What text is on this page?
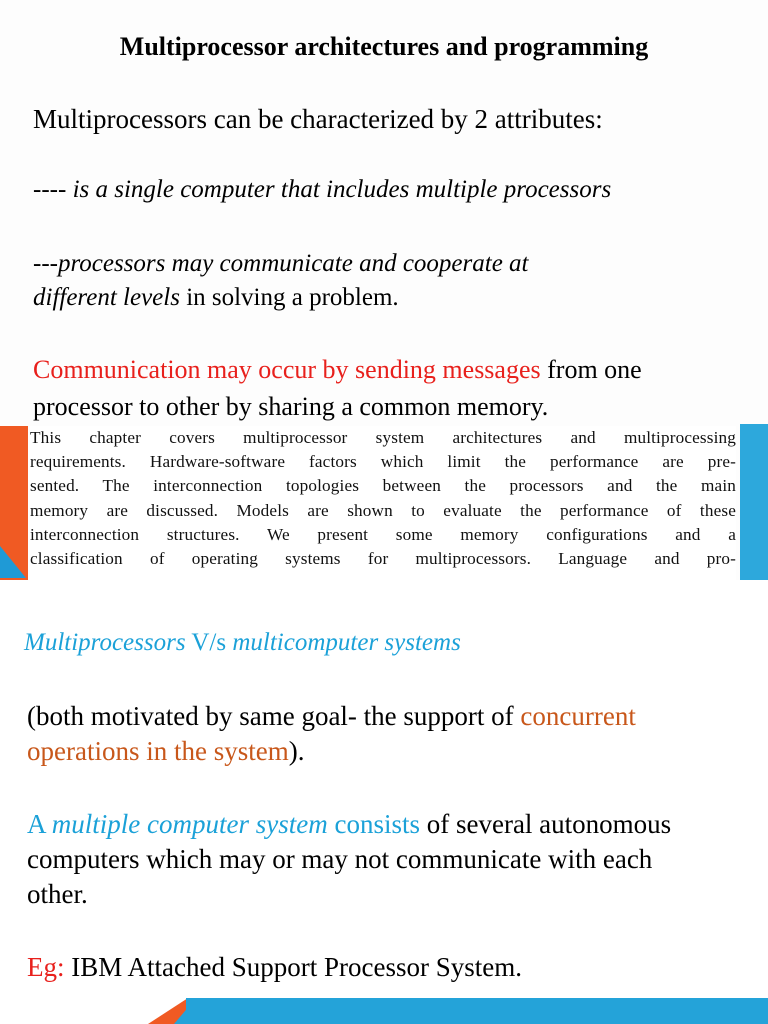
Multiprocessor architectures and programming
Multiprocessors can be characterized by 2 attributes:
---- is a single computer that includes multiple processors
---processors may communicate and cooperate at
different levels in solving a problem.
Communication may occur by sending messages from one
processor to other by sharing a common memory.
This chapter covers multiprocessor system architectures and multiprocessing
requirements. Hardware-software factors which limit the performance are pre-
sented. The interconnection topologies between the processors and the main
memory are discussed. Models are shown to evaluate the performance of these
interconnection structures. We present some memory configurations and a
classification of operating systems for multiprocessors. Language and pro-
Multiprocessors V/s multicomputer systems
(both motivated by same goal- the support of concurrent
operations in the system).
A multiple computer system consists of several autonomous
computers which may or may not communicate with each
other.
Eg: IBM Attached Support Processor System.
